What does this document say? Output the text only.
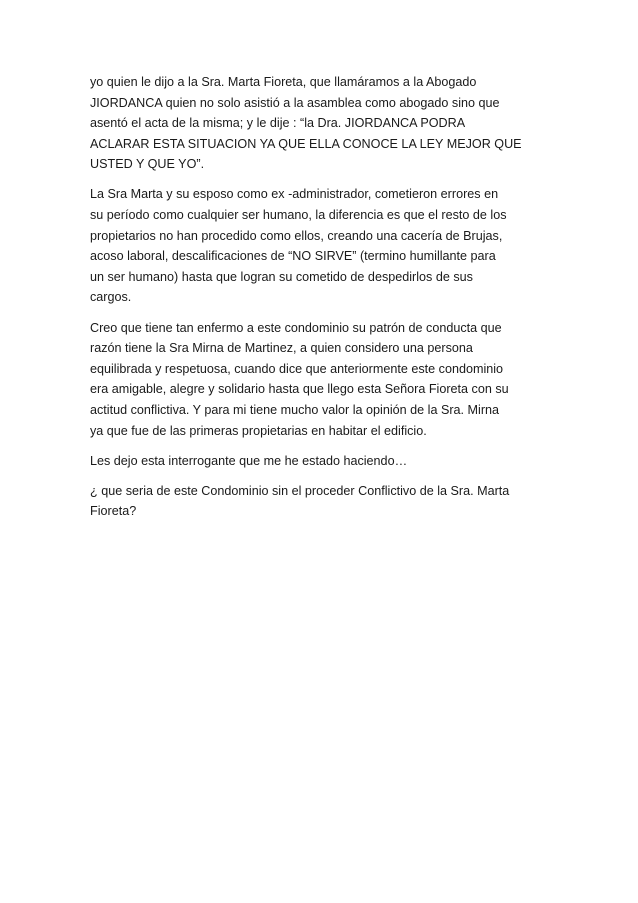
yo quien le dijo a la Sra. Marta Fioreta, que llamáramos a la Abogado
JIORDANCA quien no solo asistió a la asamblea como abogado sino que
asentó el acta de la misma; y le dije : “la Dra. JIORDANCA PODRA
ACLARAR ESTA SITUACION YA QUE ELLA CONOCE LA LEY MEJOR QUE
USTED Y QUE YO”.

La Sra Marta y su esposo como ex -administrador, cometieron errores en
su período como cualquier ser humano, la diferencia es que el resto de los
propietarios no han procedido como ellos, creando una cacería de Brujas,
acoso laboral, descalificaciones de “NO SIRVE” (termino humillante para
un ser humano) hasta que logran su cometido de despedirlos de sus
cargos.

Creo que tiene tan enfermo a este condominio su patrón de conducta que
razón tiene la Sra Mirna de Martinez, a quien considero una persona
equilibrada y respetuosa, cuando dice que anteriormente este condominio
era amigable, alegre y solidario hasta que llego esta Señora Fioreta con su
actitud conflictiva. Y para mi tiene mucho valor la opinión de la Sra. Mirna
ya que fue de las primeras propietarias en habitar el edificio.

Les dejo esta interrogante que me he estado haciendo…

¿ que seria de este Condominio sin el proceder Conflictivo de la Sra. Marta
Fioreta?
